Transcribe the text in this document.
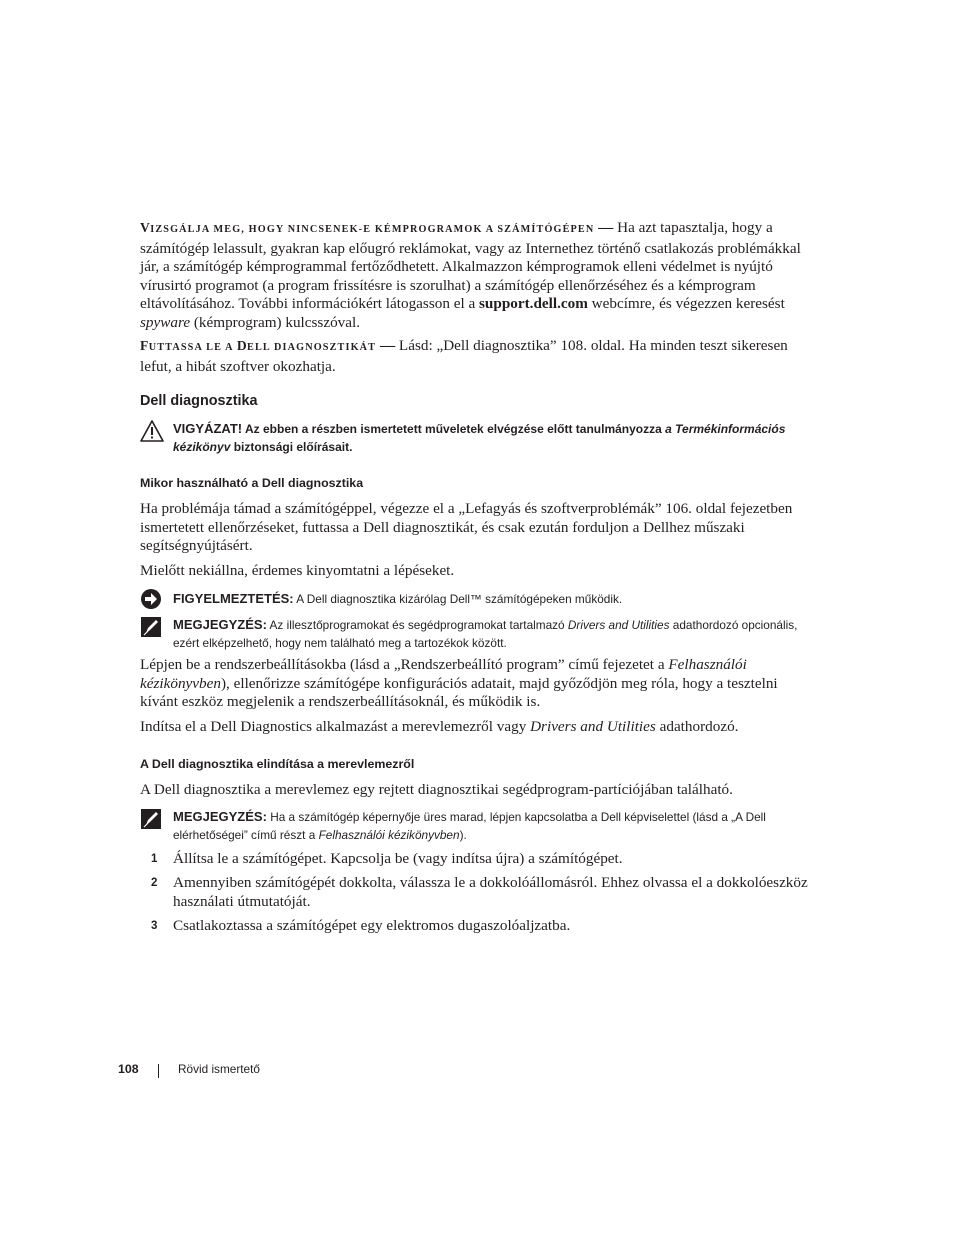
VIZSGÁLJA MEG, HOGY NINCSENEK-E KÉMPROGRAMOK A SZÁMÍTÓGÉPEN — Ha azt tapasztalja, hogy a számítógép lelassult, gyakran kap előugró reklámokat, vagy az Internethez történő csatlakozás problémákkal jár, a számítógép kémprogrammal fertőződhetett. Alkalmazzon kémprogramok elleni védelmet is nyújtó vírusirtó programot (a program frissítésre is szorulhat) a számítógép ellenőrzéséhez és a kémprogram eltávolításához. További információkért látogasson el a support.dell.com webcímre, és végezzen keresést spyware (kémprogram) kulcsszóval.
FUTTASSA LE A DELL DIAGNOSZTIKÁT — Lásd: „Dell diagnosztika” 108. oldal. Ha minden teszt sikeresen lefut, a hibát szoftver okozhatja.
Dell diagnosztika
VIGYÁZAT! Az ebben a részben ismertetett műveletek elvégzése előtt tanulmányozza a Termékinformációs kézikönyv biztonsági előírásait.
Mikor használható a Dell diagnosztika
Ha problémája támad a számítógéppel, végezze el a „Lefagyás és szoftverproblémák” 106. oldal fejezetben ismertetett ellenőrzéseket, futtassa a Dell diagnosztikát, és csak ezután forduljon a Dellhez műszaki segítségnyújtásért.
Mielőtt nekiállna, érdemes kinyomtatni a lépéseket.
FIGYELMEZTETÉS: A Dell diagnosztika kizárólag Dell™ számítógépeken működik.
MEGJEGYZÉS: Az illesztőprogramokat és segédprogramokat tartalmazó Drivers and Utilities adathordozó opcionális, ezért elképzelhető, hogy nem található meg a tartozékok között.
Lépjen be a rendszerbeállításokba (lásd a „Rendszerbeállító program” című fejezetet a Felhasználói kézikönyvben), ellenőrizze számítógépe konfigurációs adatait, majd győződjön meg róla, hogy a tesztelni kívánt eszköz megjelenik a rendszerbeállításoknál, és működik is.
Indítsa el a Dell Diagnostics alkalmazást a merevlemezről vagy Drivers and Utilities adathordozó.
A Dell diagnosztika elindítása a merevlemezről
A Dell diagnosztika a merevlemez egy rejtett diagnosztikai segédprogram-partíciójában található.
MEGJEGYZÉS: Ha a számítógép képernyője üres marad, lépjen kapcsolatba a Dell képviselettel (lásd a „A Dell elérhetőségei” című részt a Felhasználói kézikönyvben).
1 Állítsa le a számítógépet. Kapcsolja be (vagy indítsa újra) a számítógépet.
2 Amennyiben számítógépét dokkolta, válassza le a dokkolóállomásról. Ehhez olvassa el a dokkolóeszköz használati útmutatóját.
3 Csatlakoztassa a számítógépet egy elektromos dugaszolóaljzatba.
108	Rövid ismertető
